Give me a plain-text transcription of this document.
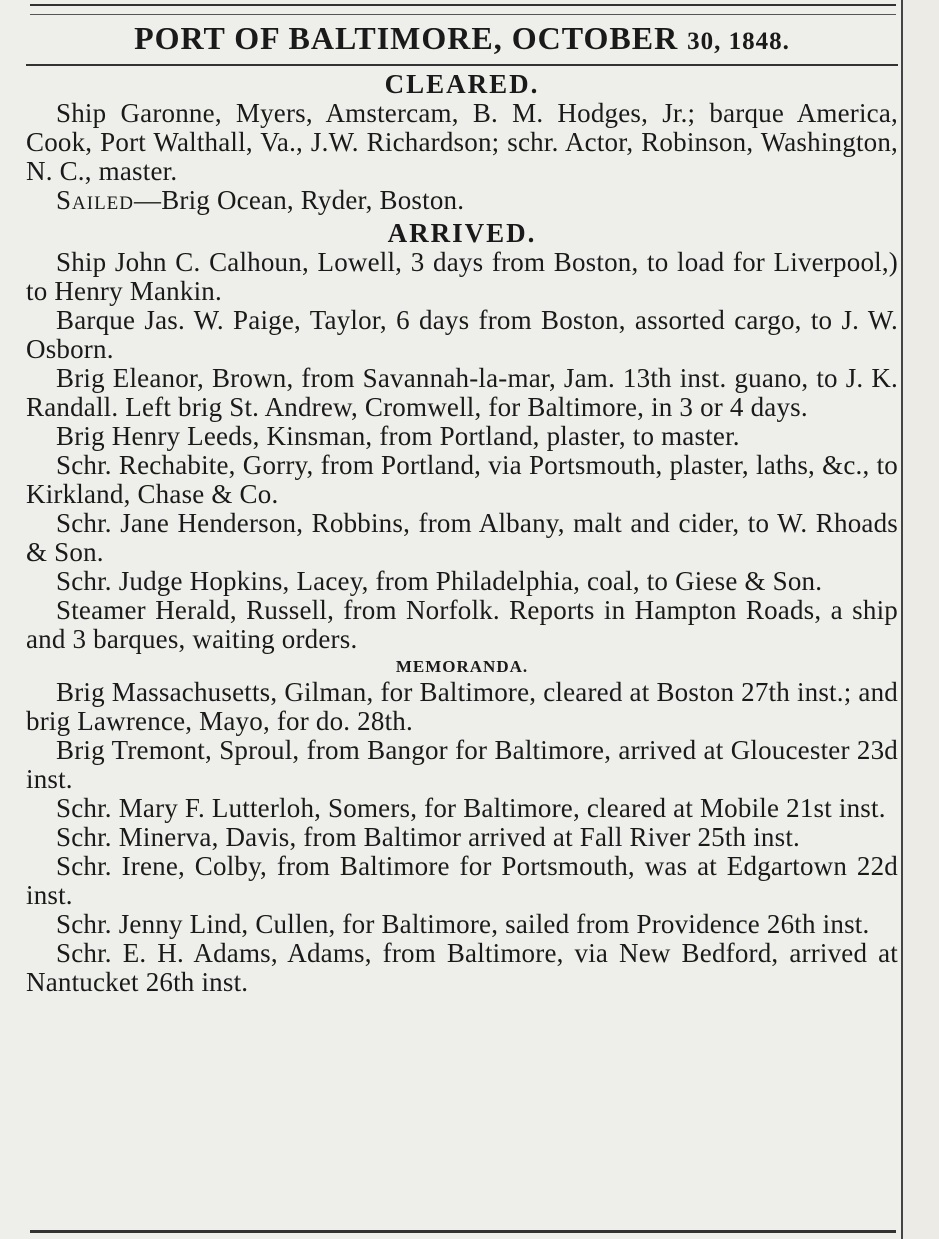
PORT OF BALTIMORE, OCTOBER 30, 1848.
CLEARED.

Ship Garonne, Myers, Amstercam, B. M. Hodges, Jr.; barque America, Cook, Port Walthall, Va., J.W. Richardson; schr. Actor, Robinson, Washington, N. C., master.

Sailed—Brig Ocean, Ryder, Boston.

ARRIVED.

Ship John C. Calhoun, Lowell, 3 days from Boston, to load for Liverpool,) to Henry Mankin.

Barque Jas. W. Paige, Taylor, 6 days from Boston, assorted cargo, to J. W. Osborn.

Brig Eleanor, Brown, from Savannah-la-mar, Jam. 13th inst. guano, to J. K. Randall. Left brig St. Andrew, Cromwell, for Baltimore, in 3 or 4 days.

Brig Henry Leeds, Kinsman, from Portland, plaster, to master.

Schr. Rechabite, Gorry, from Portland, via Portsmouth, plaster, laths, &c., to Kirkland, Chase & Co.

Schr. Jane Henderson, Robbins, from Albany, malt and cider, to W. Rhoads & Son.

Schr. Judge Hopkins, Lacey, from Philadelphia, coal, to Giese & Son.

Steamer Herald, Russell, from Norfolk. Reports in Hampton Roads, a ship and 3 barques, waiting orders.

MEMORANDA.

Brig Massachusetts, Gilman, for Baltimore, cleared at Boston 27th inst.; and brig Lawrence, Mayo, for do. 28th.

Brig Tremont, Sproul, from Bangor for Baltimore, arrived at Gloucester 23d inst.

Schr. Mary F. Lutterloh, Somers, for Baltimore, cleared at Mobile 21st inst.

Schr. Minerva, Davis, from Baltimor arrived at Fall River 25th inst.

Schr. Irene, Colby, from Baltimore for Portsmouth, was at Edgartown 22d inst.

Schr. Jenny Lind, Cullen, for Baltimore, sailed from Providence 26th inst.

Schr. E. H. Adams, Adams, from Baltimore, via New Bedford, arrived at Nantucket 26th inst.
